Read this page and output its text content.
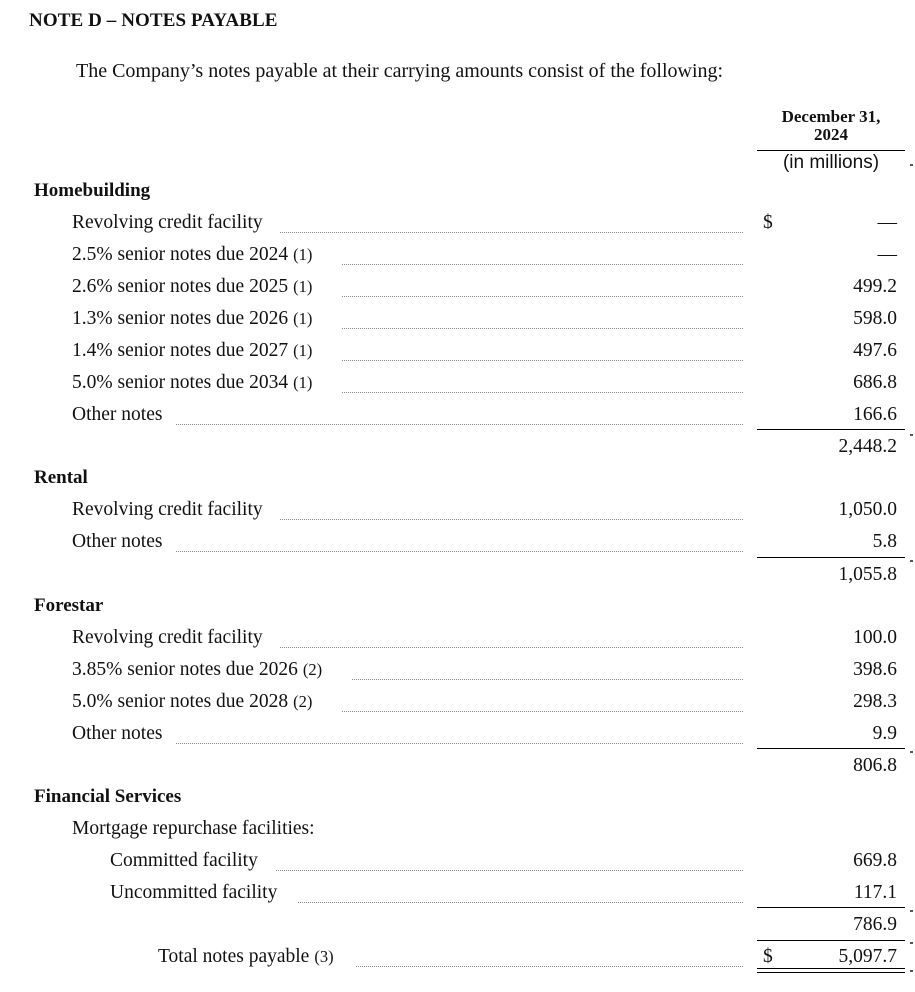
NOTE D – NOTES PAYABLE
The Company’s notes payable at their carrying amounts consist of the following:
December 31,
2024
(in millions)
Homebuilding
Revolving credit facility	$	—
2.5% senior notes due 2024 (1)	—
2.6% senior notes due 2025 (1)	499.2
1.3% senior notes due 2026 (1)	598.0
1.4% senior notes due 2027 (1)	497.6
5.0% senior notes due 2034 (1)	686.8
Other notes	166.6
2,448.2
Rental
Revolving credit facility	1,050.0
Other notes	5.8
1,055.8
Forestar
Revolving credit facility	100.0
3.85% senior notes due 2026 (2)	398.6
5.0% senior notes due 2028 (2)	298.3
Other notes	9.9
806.8
Financial Services
Mortgage repurchase facilities:
Committed facility	669.8
Uncommitted facility	117.1
786.9
Total notes payable (3)	$	5,097.7
